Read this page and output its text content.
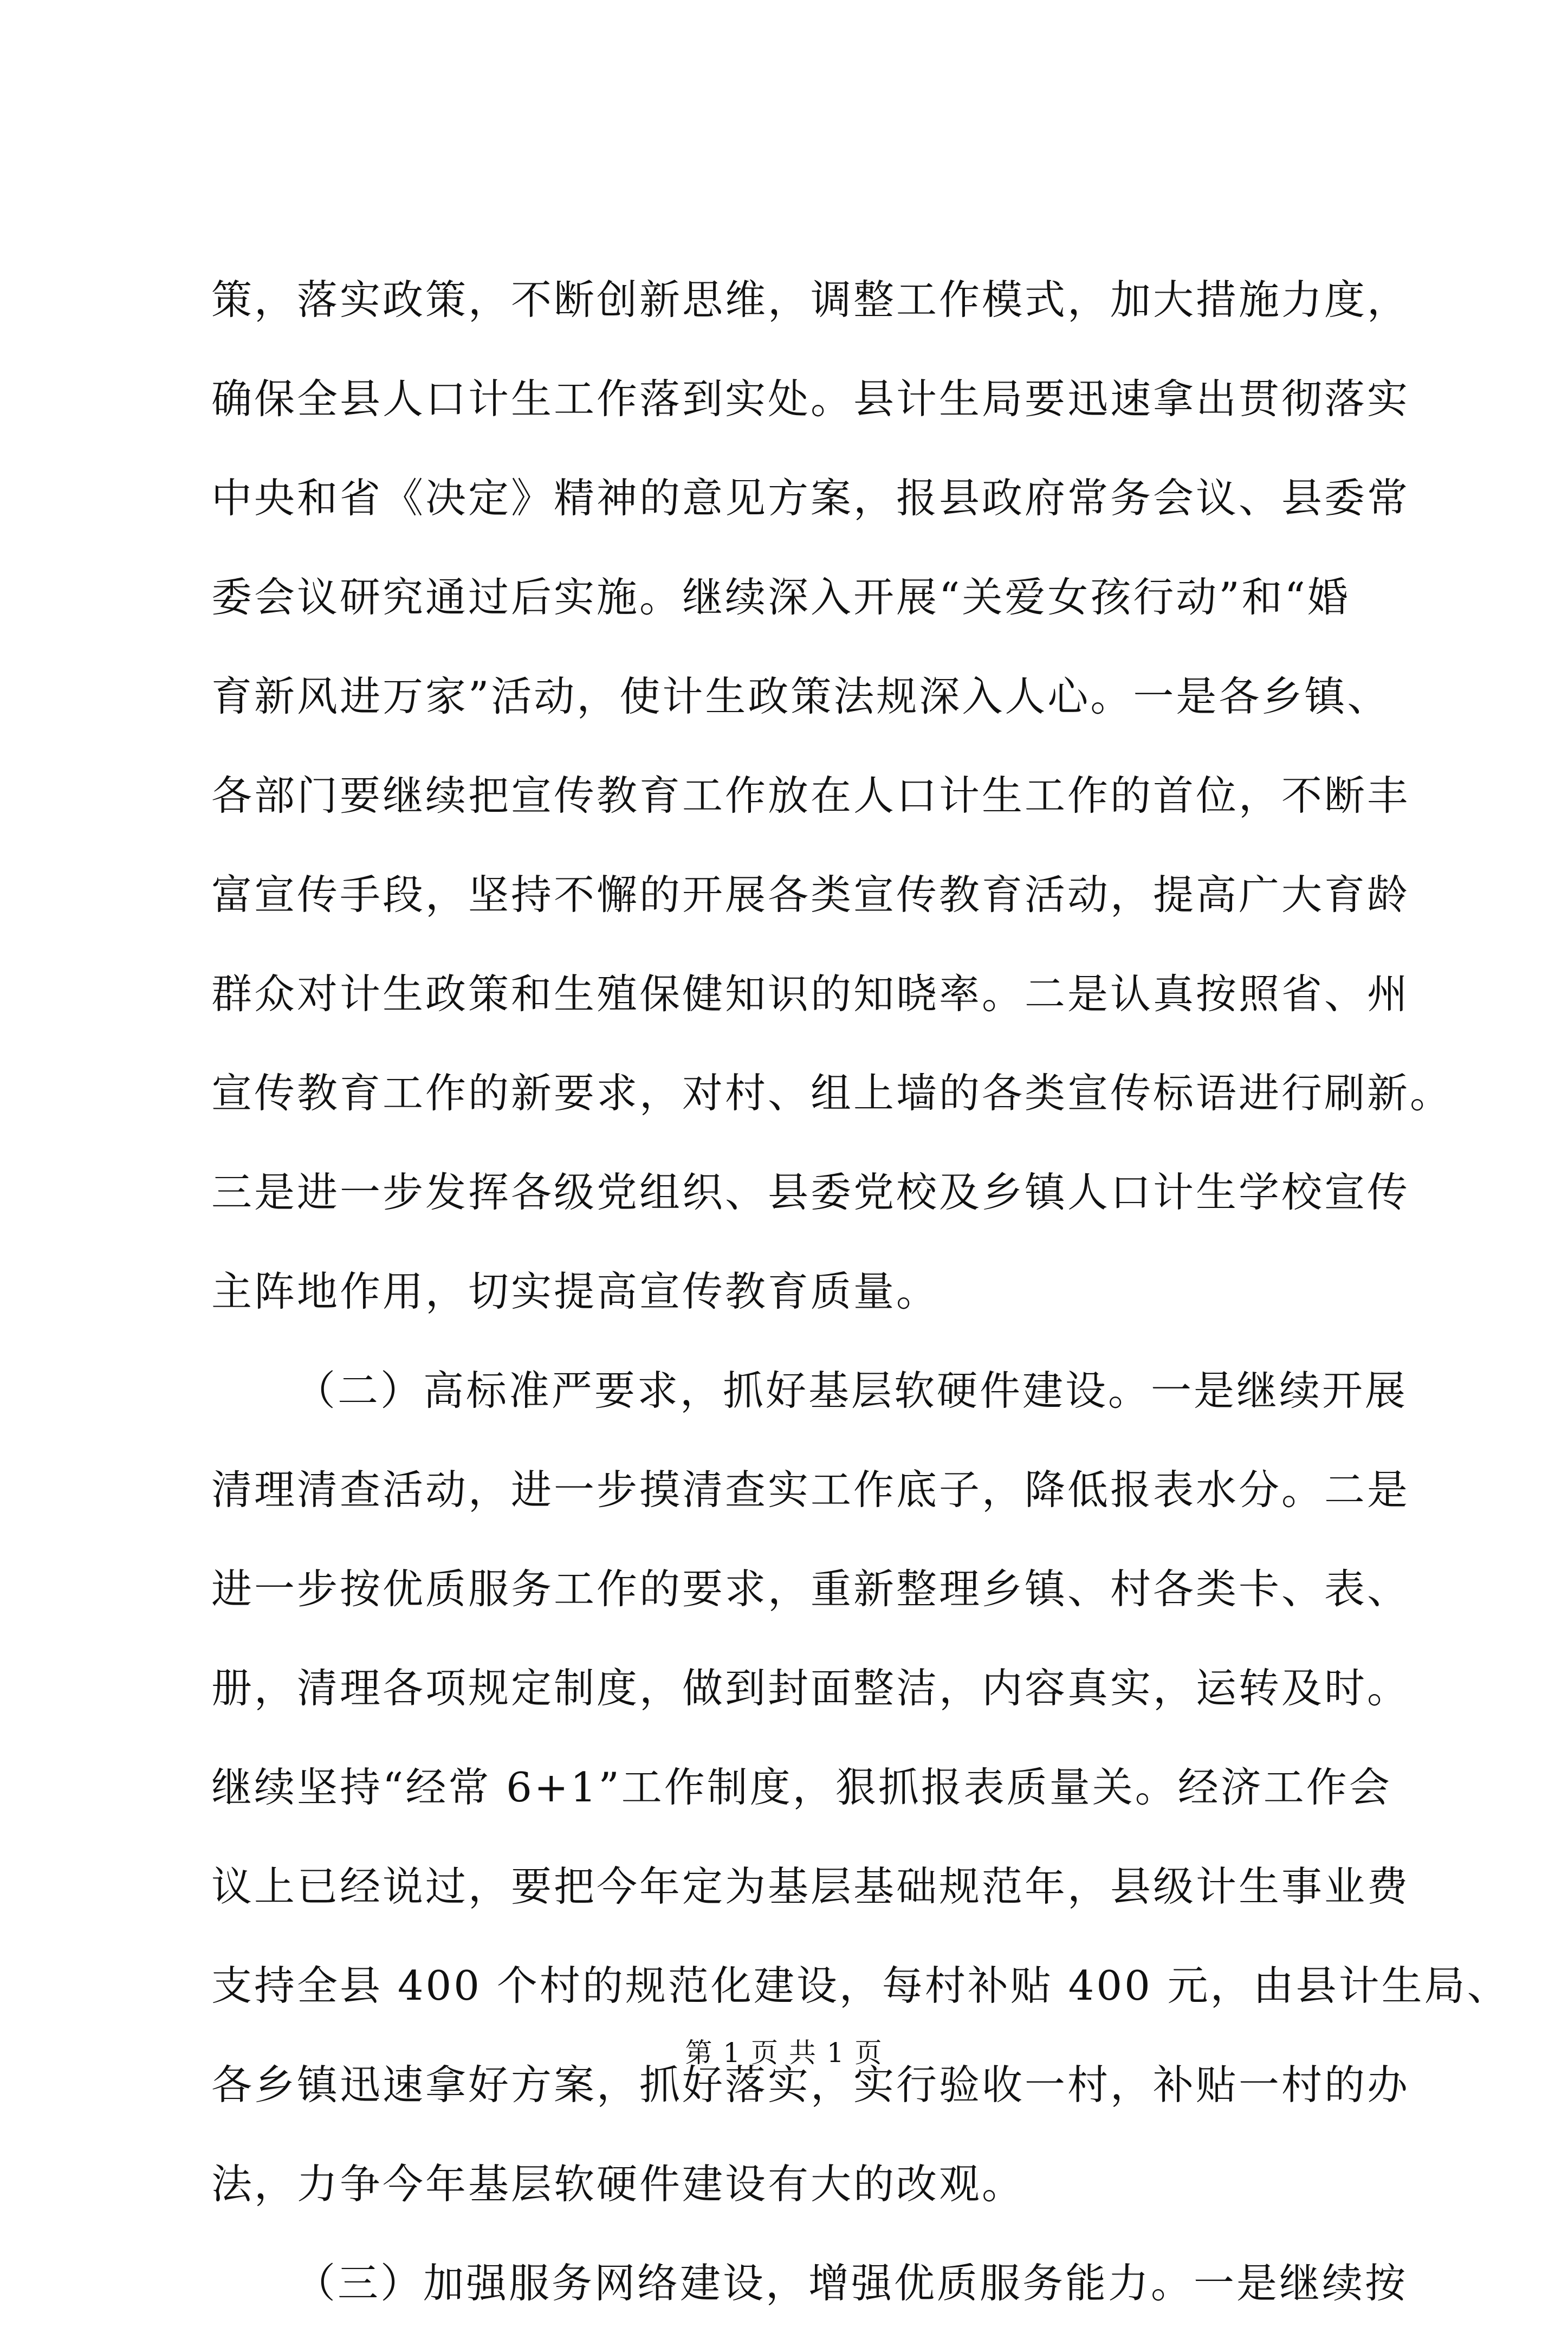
策，落实政策，不断创新思维，调整工作模式，加大措施力度，
确保全县人口计生工作落到实处。县计生局要迅速拿出贯彻落实
中央和省《决定》精神的意见方案，报县政府常务会议、县委常
委会议研究通过后实施。继续深入开展“关爱女孩行动”和“婚
育新风进万家”活动，使计生政策法规深入人心。一是各乡镇、
各部门要继续把宣传教育工作放在人口计生工作的首位，不断丰
富宣传手段，坚持不懈的开展各类宣传教育活动，提高广大育龄
群众对计生政策和生殖保健知识的知晓率。二是认真按照省、州
宣传教育工作的新要求，对村、组上墙的各类宣传标语进行刷新。
三是进一步发挥各级党组织、县委党校及乡镇人口计生学校宣传
主阵地作用，切实提高宣传教育质量。
（二）高标准严要求，抓好基层软硬件建设。一是继续开展
清理清查活动，进一步摸清查实工作底子，降低报表水分。二是
进一步按优质服务工作的要求，重新整理乡镇、村各类卡、表、
册，清理各项规定制度，做到封面整洁，内容真实，运转及时。
继续坚持“经常 6+1”工作制度，狠抓报表质量关。经济工作会
议上已经说过，要把今年定为基层基础规范年，县级计生事业费
支持全县 400 个村的规范化建设，每村补贴 400 元，由县计生局、
各乡镇迅速拿好方案，抓好落实，实行验收一村，补贴一村的办
法，力争今年基层软硬件建设有大的改观。
（三）加强服务网络建设，增强优质服务能力。一是继续按
第 1 页 共 1 页
